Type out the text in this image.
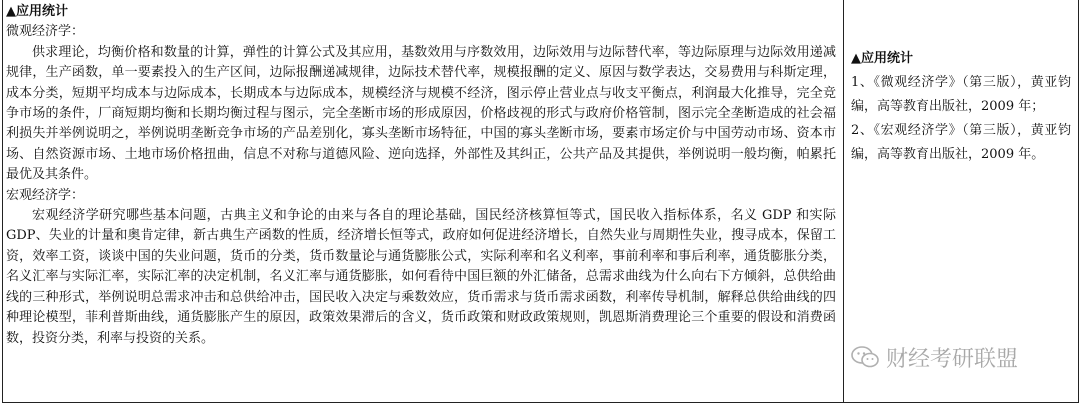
▲应用统计

微观经济学：

供求理论，均衡价格和数量的计算，弹性的计算公式及其应用，基数效用与序数效用，边际效用与边际替代率，等边际原理与边际效用递减规律，生产函数，单一要素投入的生产区间，边际报酬递减规律，边际技术替代率，规模报酬的定义、原因与数学表达，交易费用与科斯定理，成本分类，短期平均成本与边际成本，长期成本与边际成本，规模经济与规模不经济，图示停止营业点与收支平衡点，利润最大化推导，完全竞争市场的条件，厂商短期均衡和长期均衡过程与图示，完全垄断市场的形成原因，价格歧视的形式与政府价格管制，图示完全垄断造成的社会福利损失并举例说明之，举例说明垄断竞争市场的产品差别化，寡头垄断市场特征，中国的寡头垄断市场，要素市场定价与中国劳动市场、资本市场、自然资源市场、土地市场价格扭曲，信息不对称与道德风险、逆向选择，外部性及其纠正，公共产品及其提供，举例说明一般均衡，帕累托最优及其条件。

宏观经济学：

宏观经济学研究哪些基本问题，古典主义和争论的由来与各自的理论基础，国民经济核算恒等式，国民收入指标体系，名义 GDP 和实际 GDP、失业的计量和奥肯定律，新古典生产函数的性质，经济增长恒等式，政府如何促进经济增长，自然失业与周期性失业，搜寻成本，保留工资，效率工资，谈谈中国的失业问题，货币的分类，货币数量论与通货膨胀公式，实际利率和名义利率，事前利率和事后利率，通货膨胀分类，名义汇率与实际汇率，实际汇率的决定机制，名义汇率与通货膨胀，如何看待中国巨额的外汇储备，总需求曲线为什么向右下方倾斜，总供给曲线的三种形式，举例说明总需求冲击和总供给冲击，国民收入决定与乘数效应，货币需求与货币需求函数，利率传导机制，解释总供给曲线的四种理论模型，菲利普斯曲线，通货膨胀产生的原因，政策效果滞后的含义，货币政策和财政政策规则，凯恩斯消费理论三个重要的假设和消费函数，投资分类，利率与投资的关系。

▲应用统计

1、《微观经济学》（第三版），黄亚钧编，高等教育出版社，2009 年；

2、《宏观经济学》（第三版），黄亚钧编，高等教育出版社，2009 年。

财经考研联盟
